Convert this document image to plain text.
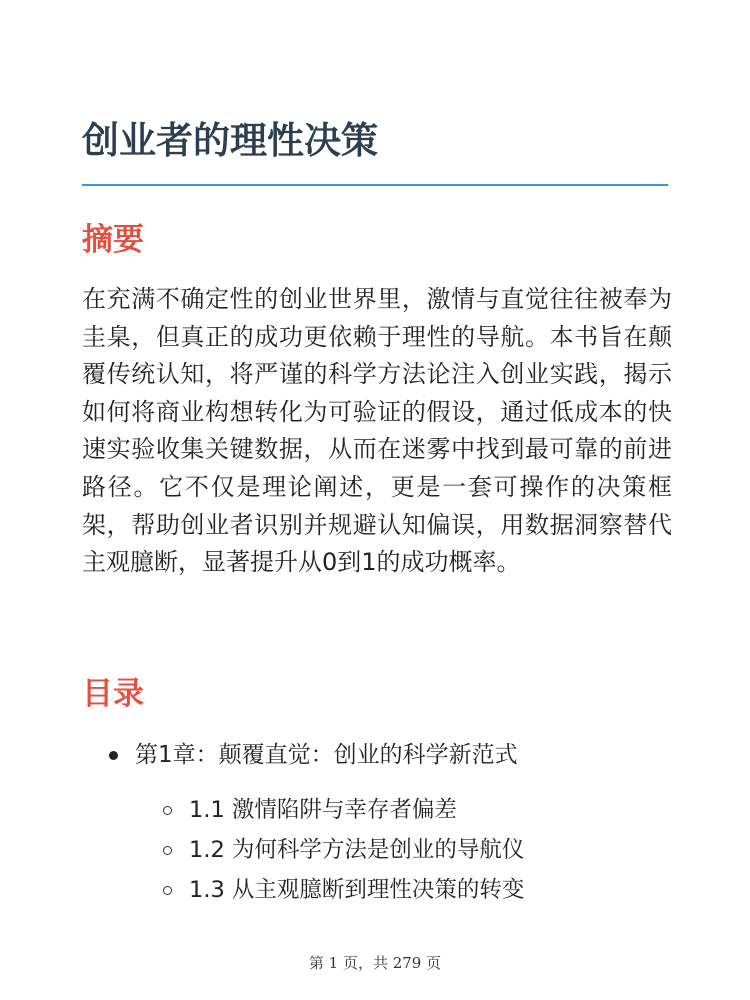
创业者的理性决策
摘要

在充满不确定性的创业世界里，激情与直觉往往被奉为圭臬，但真正的成功更依赖于理性的导航。本书旨在颠覆传统认知，将严谨的科学方法论注入创业实践，揭示如何将商业构想转化为可验证的假设，通过低成本的快速实验收集关键数据，从而在迷雾中找到最可靠的前进路径。它不仅是理论阐述，更是一套可操作的决策框架，帮助创业者识别并规避认知偏误，用数据洞察替代主观臆断，显著提升从0到1的成功概率。

目录
第1章：颠覆直觉：创业的科学新范式
1.1 激情陷阱与幸存者偏差
1.2 为何科学方法是创业的导航仪
1.3 从主观臆断到理性决策的转变
第 1 页，共 279 页
